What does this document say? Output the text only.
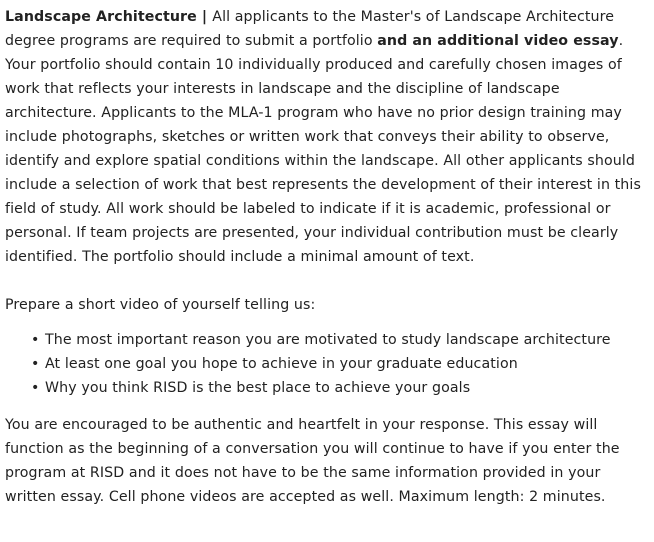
Landscape Architecture | All applicants to the Master's of Landscape Architecture degree programs are required to submit a portfolio and an additional video essay. Your portfolio should contain 10 individually produced and carefully chosen images of work that reflects your interests in landscape and the discipline of landscape architecture. Applicants to the MLA-1 program who have no prior design training may include photographs, sketches or written work that conveys their ability to observe, identify and explore spatial conditions within the landscape. All other applicants should include a selection of work that best represents the development of their interest in this field of study. All work should be labeled to indicate if it is academic, professional or personal. If team projects are presented, your individual contribution must be clearly identified. The portfolio should include a minimal amount of text.

Prepare a short video of yourself telling us:

• The most important reason you are motivated to study landscape architecture
• At least one goal you hope to achieve in your graduate education
• Why you think RISD is the best place to achieve your goals

You are encouraged to be authentic and heartfelt in your response. This essay will function as the beginning of a conversation you will continue to have if you enter the program at RISD and it does not have to be the same information provided in your written essay. Cell phone videos are accepted as well. Maximum length: 2 minutes.
